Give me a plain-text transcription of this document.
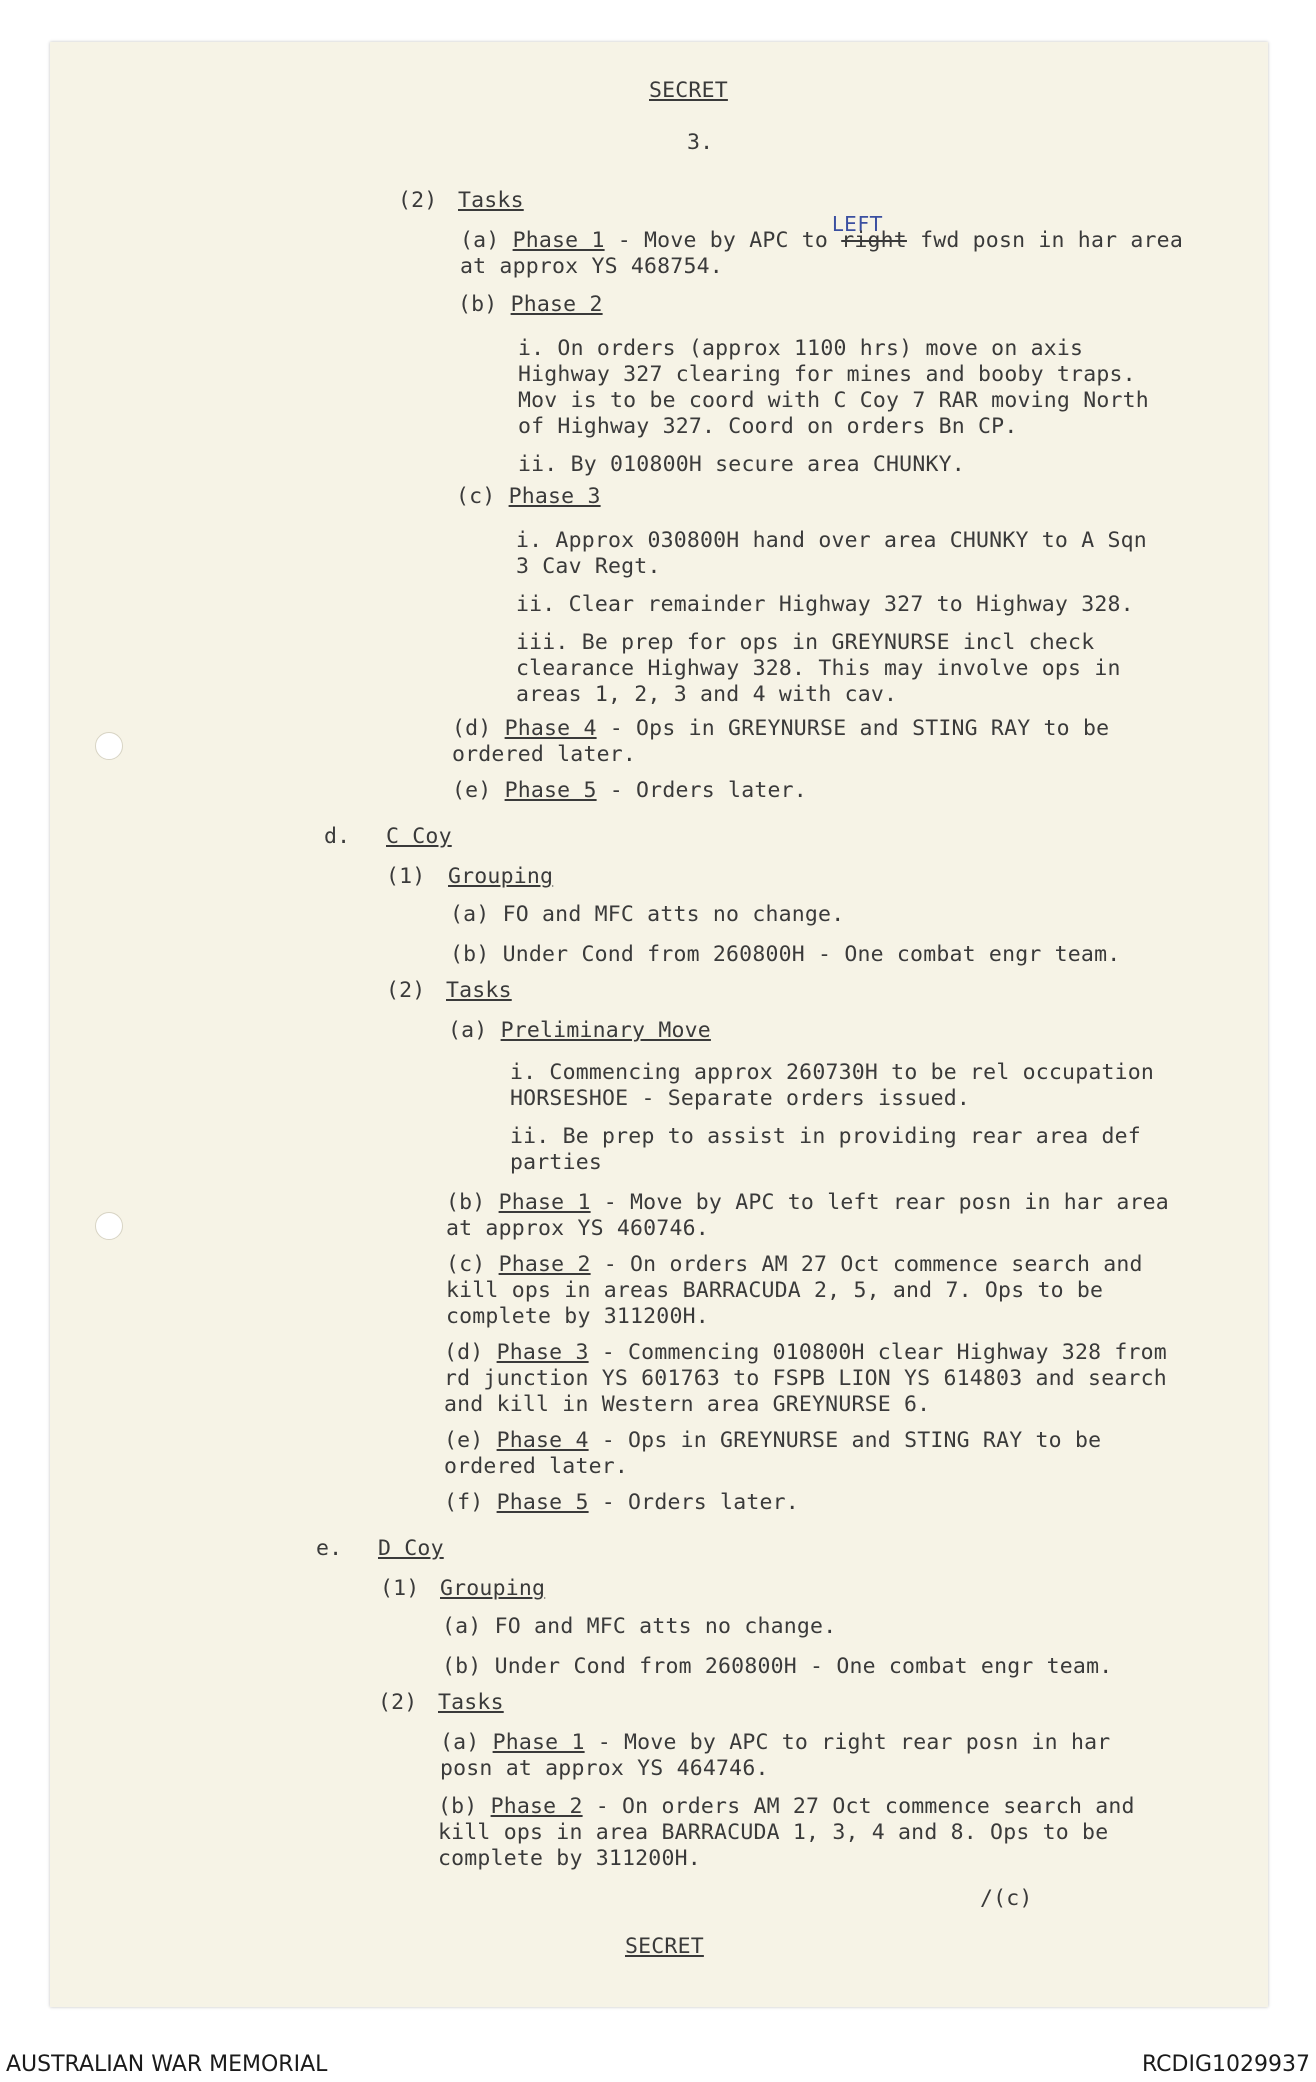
SECRET
3.
(2) Tasks
LEFT
(a) Phase 1 - Move by APC to right fwd posn in har area
at approx YS 468754.
(b) Phase 2
i. On orders (approx 1100 hrs) move on axis
Highway 327 clearing for mines and booby traps.
Mov is to be coord with C Coy 7 RAR moving North
of Highway 327. Coord on orders Bn CP.
ii. By 010800H secure area CHUNKY.
(c) Phase 3
i. Approx 030800H hand over area CHUNKY to A Sqn
3 Cav Regt.
ii. Clear remainder Highway 327 to Highway 328.
iii. Be prep for ops in GREYNURSE incl check
clearance Highway 328. This may involve ops in
areas 1, 2, 3 and 4 with cav.
(d) Phase 4 - Ops in GREYNURSE and STING RAY to be
ordered later.
(e) Phase 5 - Orders later.
d. C Coy
(1) Grouping
(a) FO and MFC atts no change.
(b) Under Cond from 260800H - One combat engr team.
(2) Tasks
(a) Preliminary Move
i. Commencing approx 260730H to be rel occupation
HORSESHOE - Separate orders issued.
ii. Be prep to assist in providing rear area def
parties
(b) Phase 1 - Move by APC to left rear posn in har area
at approx YS 460746.
(c) Phase 2 - On orders AM 27 Oct commence search and
kill ops in areas BARRACUDA 2, 5, and 7. Ops to be
complete by 311200H.
(d) Phase 3 - Commencing 010800H clear Highway 328 from
rd junction YS 601763 to FSPB LION YS 614803 and search
and kill in Western area GREYNURSE 6.
(e) Phase 4 - Ops in GREYNURSE and STING RAY to be
ordered later.
(f) Phase 5 - Orders later.
e. D Coy
(1) Grouping
(a) FO and MFC atts no change.
(b) Under Cond from 260800H - One combat engr team.
(2) Tasks
(a) Phase 1 - Move by APC to right rear posn in har
posn at approx YS 464746.
(b) Phase 2 - On orders AM 27 Oct commence search and
kill ops in area BARRACUDA 1, 3, 4 and 8. Ops to be
complete by 311200H.
/(c)
SECRET
AUSTRALIAN WAR MEMORIAL	RCDIG1029937
